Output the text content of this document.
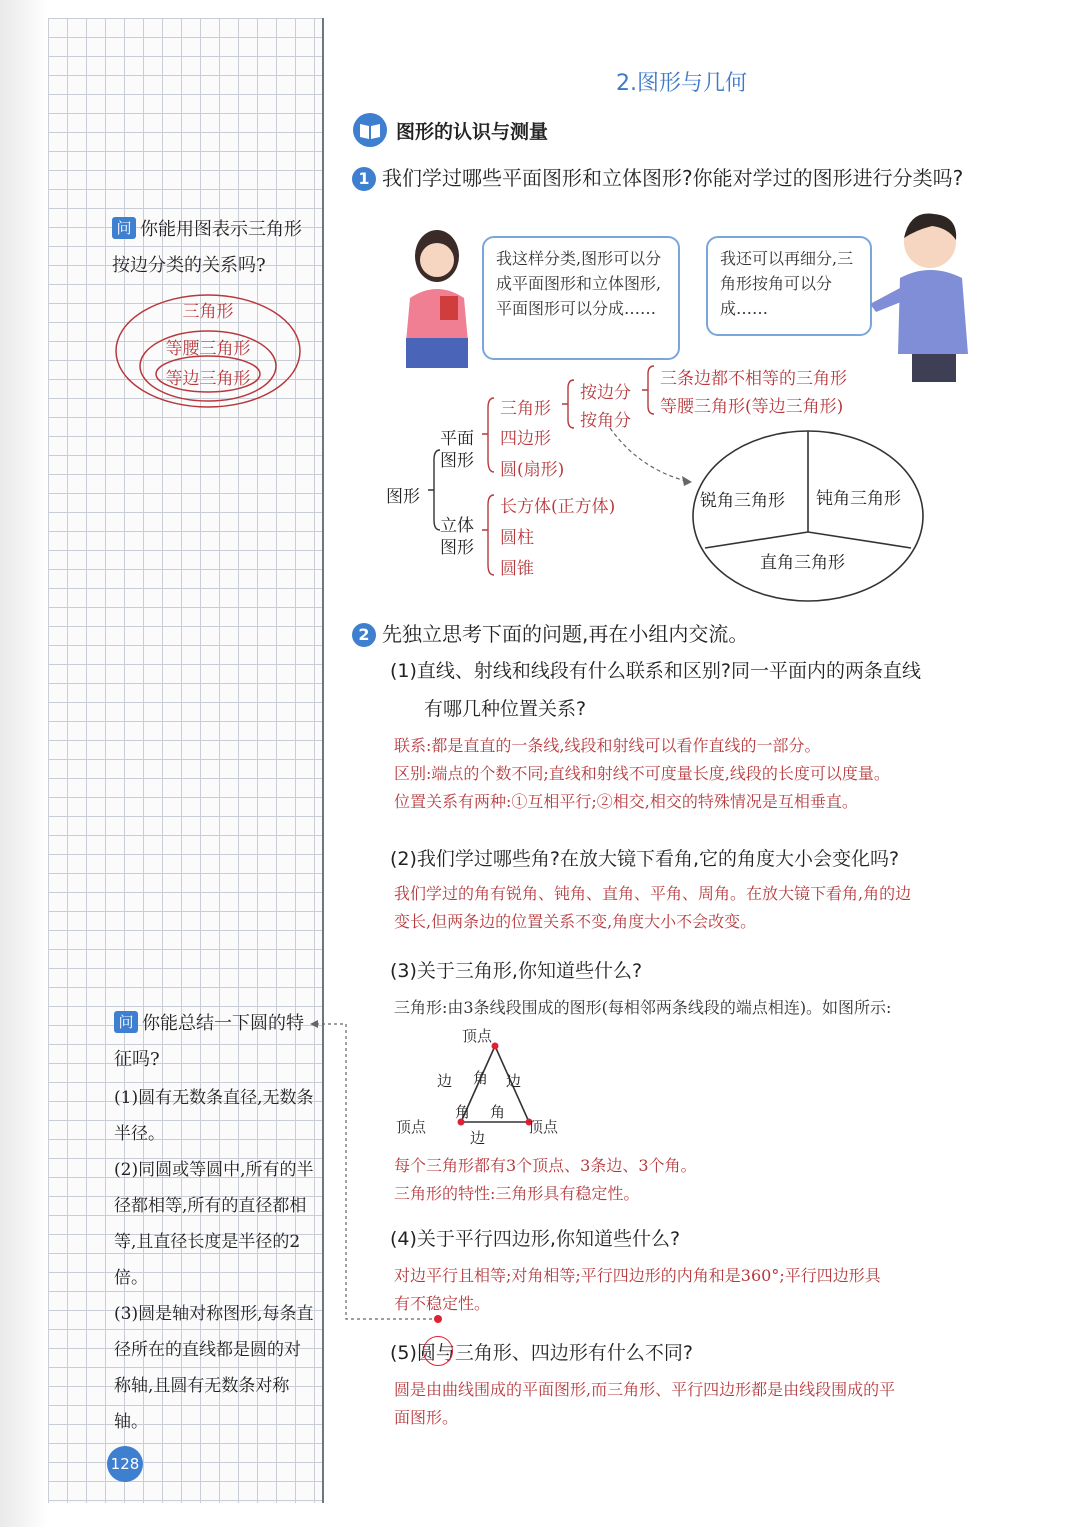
问 你能用图表示三角形按边分类的关系吗?
三角形
等腰三角形
等边三角形
问 你能总结一下圆的特征吗?
(1)圆有无数条直径,无数条半径。
(2)同圆或等圆中,所有的半径都相等,所有的直径都相等,且直径长度是半径的2倍。
(3)圆是轴对称图形,每条直径所在的直线都是圆的对称轴,且圆有无数条对称轴。
128
2.图形与几何
图形的认识与测量
1 我们学过哪些平面图形和立体图形?你能对学过的图形进行分类吗?
我这样分类,图形可以分成平面图形和立体图形,平面图形可以分成……
我还可以再细分,三角形按角可以分成……
图形
平面图形
立体图形
三角形
四边形
圆(扇形)
长方体(正方体)
圆柱
圆锥
按边分
按角分
三条边都不相等的三角形
等腰三角形(等边三角形)
锐角三角形 钝角三角形
直角三角形
2 先独立思考下面的问题,再在小组内交流。
(1)直线、射线和线段有什么联系和区别?同一平面内的两条直线
有哪几种位置关系?
联系:都是直直的一条线,线段和射线可以看作直线的一部分。
区别:端点的个数不同;直线和射线不可度量长度,线段的长度可以度量。
位置关系有两种:①互相平行;②相交,相交的特殊情况是互相垂直。
(2)我们学过哪些角?在放大镜下看角,它的角度大小会变化吗?
我们学过的角有锐角、钝角、直角、平角、周角。在放大镜下看角,角的边
变长,但两条边的位置关系不变,角度大小不会改变。
(3)关于三角形,你知道些什么?
三角形:由3条线段围成的图形(每相邻两条线段的端点相连)。如图所示:
顶点
顶点	顶点
边	边
边
角
角 角
每个三角形都有3个顶点、3条边、3个角。
三角形的特性:三角形具有稳定性。
(4)关于平行四边形,你知道些什么?
对边平行且相等;对角相等;平行四边形的内角和是360°;平行四边形具
有不稳定性。
(5)圆与三角形、四边形有什么不同?
圆是由曲线围成的平面图形,而三角形、平行四边形都是由线段围成的平
面图形。
